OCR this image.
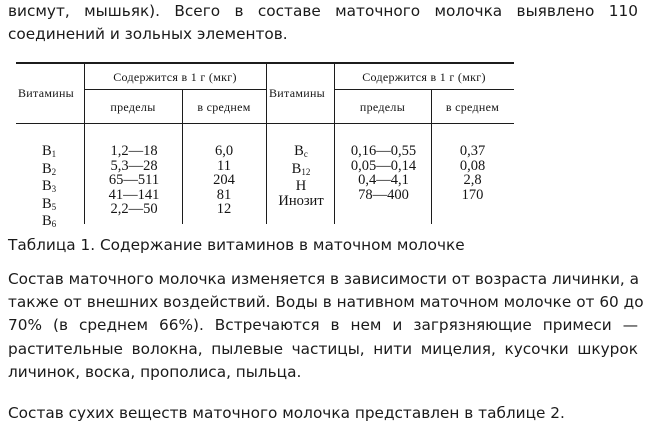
висмут, мышьяк). Всего в составе маточного молочка выявлено 110
соединений и зольных элементов.
Витамины
Содержится в 1 г (мкг)
пределы	в среднем
Витамины
Содержится в 1 г (мкг)
пределы	в среднем
$B_1$
$B_2$
$B_3$
$B_5$
$B_6$
1,2—18
5,3—28
65—511
41—141
2,2—50
6,0
11
204
81
12
$B_c$
$B_{12}$
H
Инозит
0,16—0,55
0,05—0,14
0,4—4,1
78—400
0,37
0,08
2,8
170
Таблица 1. Содержание витаминов в маточном молочке
Состав маточного молочка изменяется в зависимости от возраста личинки, а
также от внешних воздействий. Воды в нативном маточном молочке от 60 до
70% (в среднем 66%). Встречаются в нем и загрязняющие примеси —
растительные волокна, пылевые частицы, нити мицелия, кусочки шкурок
личинок, воска, прополиса, пыльца.
Состав сухих веществ маточного молочка представлен в таблице 2.
